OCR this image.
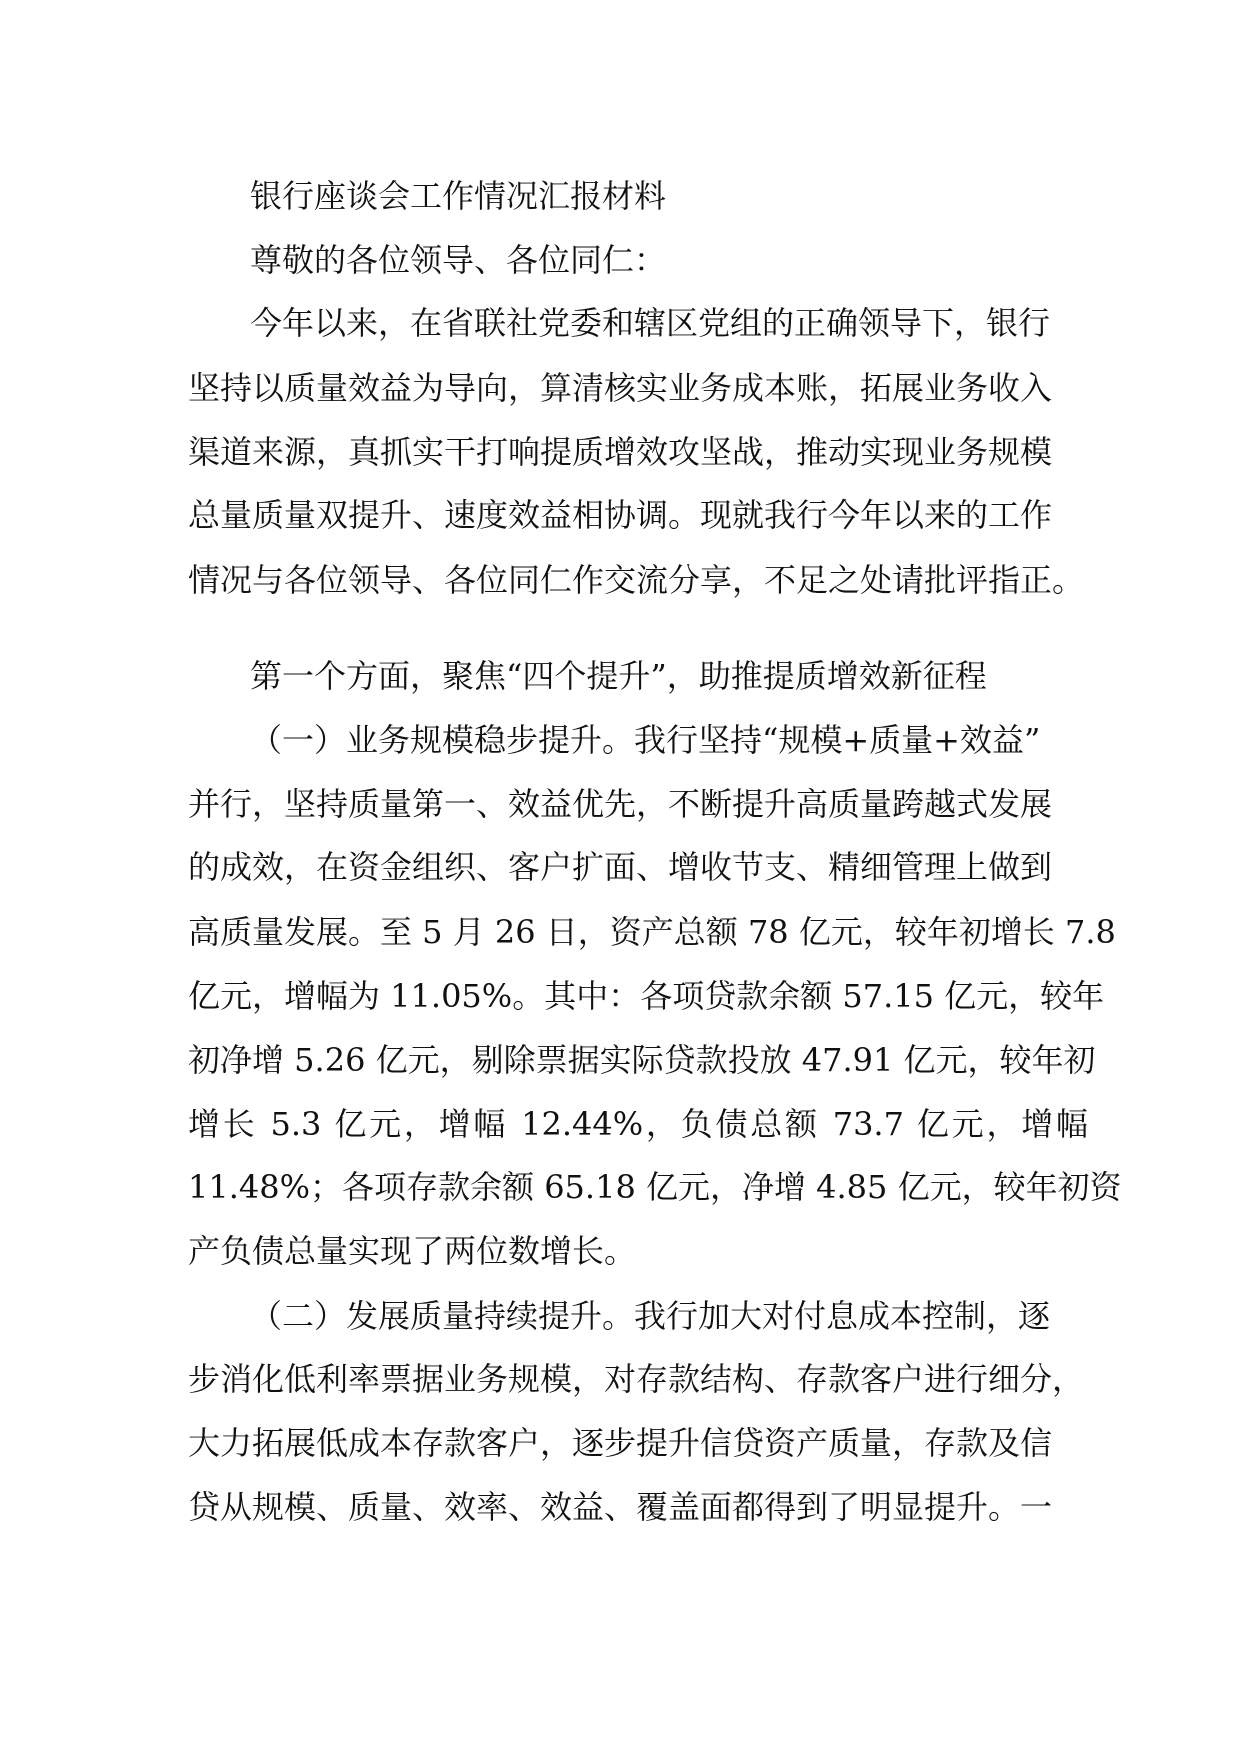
银行座谈会工作情况汇报材料
尊敬的各位领导、各位同仁：
今年以来，在省联社党委和辖区党组的正确领导下，银行
坚持以质量效益为导向，算清核实业务成本账，拓展业务收入
渠道来源，真抓实干打响提质增效攻坚战，推动实现业务规模
总量质量双提升、速度效益相协调。现就我行今年以来的工作
情况与各位领导、各位同仁作交流分享，不足之处请批评指正。
第一个方面，聚焦“四个提升”，助推提质增效新征程
（一）业务规模稳步提升。我行坚持“规模+质量+效益”
并行，坚持质量第一、效益优先，不断提升高质量跨越式发展
的成效，在资金组织、客户扩面、增收节支、精细管理上做到
高质量发展。至 5 月 26 日，资产总额 78 亿元，较年初增长 7.8
亿元，增幅为 11.05%。其中：各项贷款余额 57.15 亿元，较年
初净增 5.26 亿元，剔除票据实际贷款投放 47.91 亿元，较年初
增长 5.3 亿元，增幅 12.44%，负债总额 73.7 亿元，增幅
11.48%；各项存款余额 65.18 亿元，净增 4.85 亿元，较年初资
产负债总量实现了两位数增长。
（二）发展质量持续提升。我行加大对付息成本控制，逐
步消化低利率票据业务规模，对存款结构、存款客户进行细分，
大力拓展低成本存款客户，逐步提升信贷资产质量，存款及信
贷从规模、质量、效率、效益、覆盖面都得到了明显提升。一
